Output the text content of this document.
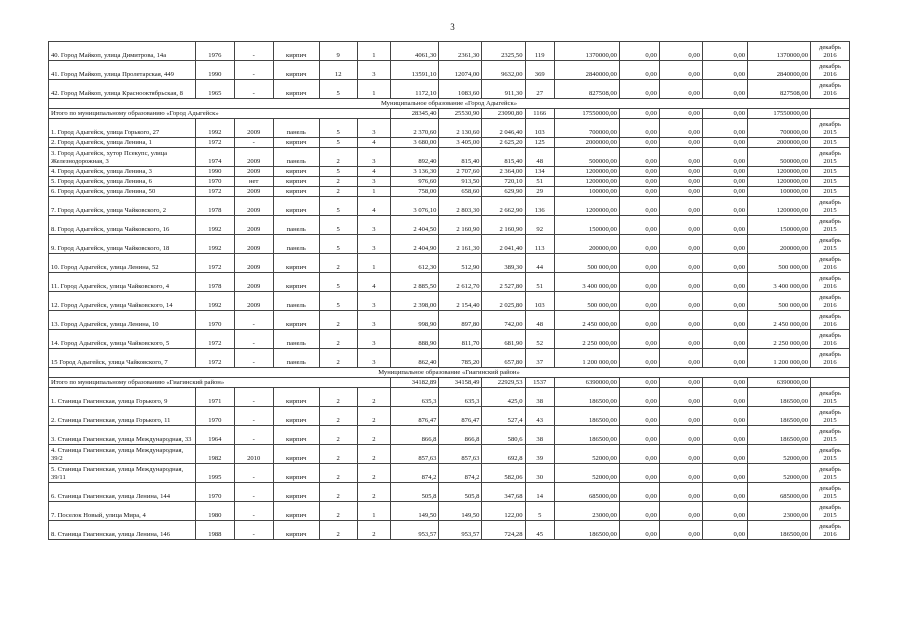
3
40. Город Майкоп, улица Димитрова, 14а	1976	-	кирпич	9	1	4061,30	2361,30	2325,50	119	1370000,00	0,00	0,00	0,00	1370000,00	декабрь 2016
41. Город Майкоп, улица Пролетарская, 449	1990	-	кирпич	12	3	13591,10	12074,00	9632,00	369	2840000,00	0,00	0,00	0,00	2840000,00	декабрь 2016
42. Город Майкоп, улица Краснооктябрьская, 8	1965	-	кирпич	5	1	1172,10	1083,60	911,30	27	827508,00	0,00	0,00	0,00	827508,00	декабрь 2016
Муниципальное образование «Город Адыгейск»															
Итого по муниципальному образованию «Город Адыгейск»						28345,40	25530,90	23090,80	1166	17550000,00	0,00	0,00	0,00	17550000,00	
1. Город Адыгейск, улица Горького, 27	1992	2009	панель	5	3	2 370,60	2 130,60	2 046,40	103	700000,00	0,00	0,00	0,00	700000,00	декабрь 2015
2. Город Адыгейск, улица Ленина, 1	1972	-	кирпич	5	4	3 680,00	3 405,00	2 625,20	125	2000000,00	0,00	0,00	0,00	2000000,00	2015
3. Город Адыгейск, хутор Псекупс, улица Железнодорожная, 3	1974	2009	панель	2	3	892,40	815,40	815,40	48	500000,00	0,00	0,00	0,00	500000,00	декабрь 2015
4. Город Адыгейск, улица Ленина, 3	1990	2009	кирпич	5	4	3 136,30	2 707,60	2 364,00	134	1200000,00	0,00	0,00	0,00	1200000,00	2015
5. Город Адыгейск, улица Ленина, 6	1970	нет	кирпич	2	3	976,60	913,50	720,10	51	1200000,00	0,00	0,00	0,00	1200000,00	2015
6. Город Адыгейск, улица Ленина, 50	1972	2009	кирпич	2	1	758,00	658,60	629,90	29	100000,00	0,00	0,00	0,00	100000,00	2015
7. Город Адыгейск, улица Чайковского, 2	1978	2009	кирпич	5	4	3 076,10	2 803,30	2 662,90	136	1200000,00	0,00	0,00	0,00	1200000,00	декабрь 2015
8. Город Адыгейск, улица Чайковского, 16	1992	2009	панель	5	3	2 404,50	2 160,90	2 160,90	92	150000,00	0,00	0,00	0,00	150000,00	декабрь 2015
9. Город Адыгейск, улица Чайковского, 18	1992	2009	панель	5	3	2 404,90	2 161,30	2 041,40	113	200000,00	0,00	0,00	0,00	200000,00	декабрь 2015
10. Город Адыгейск, улица Ленина, 52	1972	2009	кирпич	2	1	612,30	512,90	389,30	44	500 000,00	0,00	0,00	0,00	500 000,00	декабрь 2016
11. Город Адыгейск, улица Чайковского, 4	1978	2009	кирпич	5	4	2 885,50	2 612,70	2 527,80	51	3 400 000,00	0,00	0,00	0,00	3 400 000,00	декабрь 2016
12. Город Адыгейск, улица Чайковского, 14	1992	2009	панель	5	3	2 398,00	2 154,40	2 025,80	103	500 000,00	0,00	0,00	0,00	500 000,00	декабрь 2016
13. Город Адыгейск, улица Ленина, 10	1970	-	кирпич	2	3	998,90	897,80	742,00	48	2 450 000,00	0,00	0,00	0,00	2 450 000,00	декабрь 2016
14. Город Адыгейск, улица Чайковского, 5	1972	-	панель	2	3	888,90	811,70	681,90	52	2 250 000,00	0,00	0,00	0,00	2 250 000,00	декабрь 2016
15 Город Адыгейск, улица Чайковского, 7	1972	-	панель	2	3	862,40	785,20	657,80	37	1 200 000,00	0,00	0,00	0,00	1 200 000,00	декабрь 2016
Муниципальное образование «Гиагинский район»															
Итого по муниципальному образованию «Гиагинский район»						34182,89	34158,49	22929,53	1537	6390000,00	0,00	0,00	0,00	6390000,00	
1. Станица Гиагинская, улица Горького, 9	1971	-	кирпич	2	2	635,3	635,3	425,0	38	186500,00	0,00	0,00	0,00	186500,00	декабрь 2015
2. Станица Гиагинская, улица Горького, 11	1970	-	кирпич	2	2	876,47	876,47	527,4	43	186500,00	0,00	0,00	0,00	186500,00	декабрь 2015
3. Станица Гиагинская, улица Международная, 33	1964	-	кирпич	2	2	866,8	866,8	580,6	38	186500,00	0,00	0,00	0,00	186500,00	декабрь 2015
4. Станица Гиагинская, улица Международная, 39/2	1982	2010	кирпич	2	2	857,63	857,63	692,8	39	52000,00	0,00	0,00	0,00	52000,00	декабрь 2015
5. Станица Гиагинская, улица Международная, 39/11	1995	-	кирпич	2	2	874,2	874,2	582,06	30	52000,00	0,00	0,00	0,00	52000,00	декабрь 2015
6. Станица Гиагинская, улица Ленина, 144	1970	-	кирпич	2	2	505,8	505,8	347,68	14	685000,00	0,00	0,00	0,00	685000,00	декабрь 2015
7. Поселок Новый, улица Мира, 4	1980	-	кирпич	2	1	149,50	149,50	122,00	5	23000,00	0,00	0,00	0,00	23000,00	декабрь 2015
8. Станица Гиагинская, улица Ленина, 146	1988	-	кирпич	2	2	953,57	953,57	724,28	45	186500,00	0,00	0,00	0,00	186500,00	декабрь 2016
